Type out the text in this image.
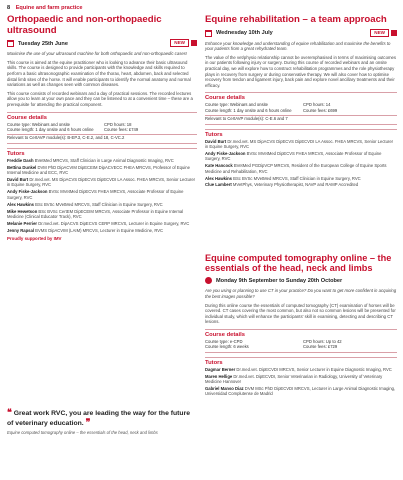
8 Equine and farm practice
Orthopaedic and non-orthopaedic ultrasound
Tuesday 25th June	NEW

Maximise the use of your ultrasound machine for both orthopaedic and non-orthopaedic cases!

This course is aimed at the equine practitioner who is looking to advance their basic ultrasound skills. The course is designed to provide participants with the knowledge and skills required to perform a basic ultrasonographic examination of the thorax, heart, abdomen, back and selected distal limb sites of the horse. It will enable participants to identify the normal anatomy and normal variations as well as changes seen with common diseases.

This course consists of recorded webinars and a day of practical sessions. The recorded lectures allow you to learn at your own pace and they can be listened to at a convenient time – these are a prerequisite for attending the practical component.

Course details
Course type: Webinars and onsite	CPD hours: 18
Course length: 1 day onsite and 6 hours online	Course fees: £749
Relevant to CertAVP module(s): B-EP.3, C-E.2, and 18, C-VC.2
Tutors
Freddie Dash BVetMed MRCVS, Staff Clinician in Large Animal Diagnostic Imaging, RVC
Bettina Dunkel DVM PhD DipACVIM DipECEIM DipACVECC FHEA MRCVS, Professor of Equine Internal Medicine and ECC, RVC
David Burt Dr.med.vet. MS DipACVS DipECVS DipECVDI LA Assoc. FHEA MRCVS, Senior Lecturer in Equine Surgery, RVC
Andy Fiske-Jackson BVSc MVetMed DipECVS FHEA MRCVS, Associate Professor of Equine Surgery, RVC
Alex Hawkins BSc BVSc MVetMed MRCVS, Staff Clinician in Equine Surgery, RVC
Mike Hewetson BSc BVSc CertEM DipECEIM MRCVS, Associate Professor in Equine Internal Medicine (Clinical Educator Track), RVC
Melanie Perrier Dr.med.vet. DipACVS DipECVS CERP MRCVS, Lecturer in Equine Surgery, RVC
Jenny Rapsal BVMS DipACVIM (LAIM) MRCVS, Lecturer in Equine Medicine, RVC
Proudly supported by IMV
❝ Great work RVC, you are leading the way for the future of veterinary education. ❞
Equine computed tomography online – the essentials of the head, neck and limbs
Equine rehabilitation – a team approach
Wednesday 10th July	NEW

Enhance your knowledge and understanding of equine rehabilitation and maximise the benefits to your patients from a great rehydrated team.

The value of the vet/physio relationship cannot be overemphasised in terms of maximising outcomes in our patients following injury or surgery. During this course of recorded webinars and an onsite practical day, we will explore how to construct rehabilitation programmes and the role physiotherapy plays in recovery from surgery or during conservative therapy. We will also cover how to optimise recovery from tendon and ligament injury, back pain and explore novel ancillary treatments and their efficacy.

Course details
Course type: Webinars and onsite	CPD hours: 14
Course length: 1 day onsite and 6 hours online	Course fees: £699
Relevant to CertAVP module(s): C-E.6 and 7
Tutors
David Burt Dr.med.vet. MS DipACVS DipECVS DipECVDI LA Assoc. FHEA MRCVS, Senior Lecturer in Equine Surgery, RVC
Andy Fiske-Jackson BVSc MVetMed DipECVS FHEA MRCVS, Associate Professor of Equine Surgery, RVC
Kate Hancock BVetMed PGDipVCP MRCVS, Resident of the European College of Equine Sports Medicine and Rehabilitation, RVC
Alex Hawkins BSc BVSc MVetMed MRCVS, Staff Clinician in Equine Surgery, RVC
Clue Lambert MVetPhys, Veterinary Physiotherapist, NAVP and RAMP Accredited
Equine computed tomography online – the essentials of the head, neck and limbs
Monday 9th September to Sunday 20th October

Are you using or planning to use CT in your practice? Do you want to get more confident in acquiring the best images possible?

During this online course the essentials of computed tomography (CT) examination of horses will be covered. CT cases covering the most common, but also not so common lesions will be presented for individual study, which will enhance the participants' skill in examining, detecting and describing CT lesions.

Course details
Course type: e-CPD	CPD hours: Up to 42
Course length: 6 weeks	Course fees: £729
Tutors
Dagmar Berner Dr.med.vet. DipECVDI MRCVS, Senior Lecturer in Equine Diagnostic Imaging, RVC
Maren Hellige Dr.med.vet. DipECVDI, Senior Veterinarian in Radiology, University of Veterinary Medicine Hannover
Gabriel Manso Diaz DVM MSc PhD DipECVDI MRCVS, Lecturer in Large Animal Diagnostic Imaging, Universidad Complutense de Madrid
